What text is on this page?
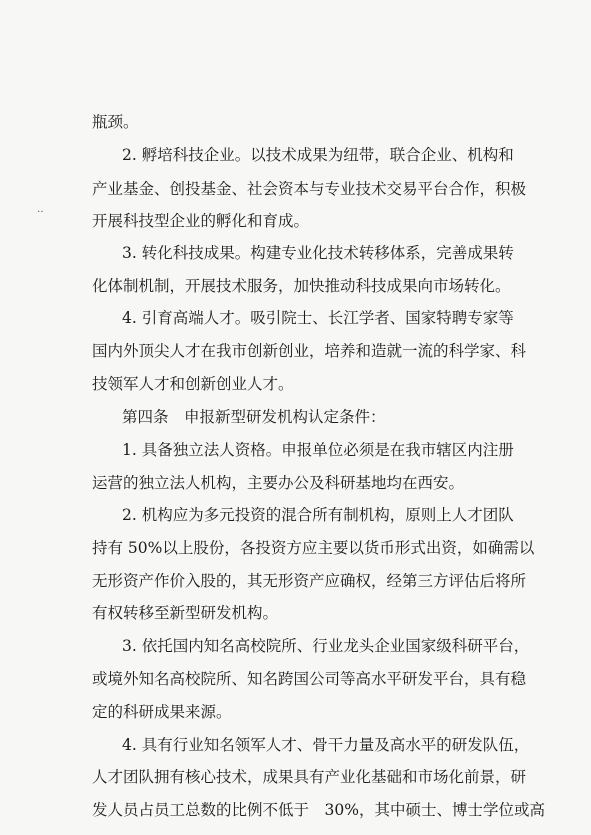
‥
瓶颈。
2. 孵培科技企业。以技术成果为纽带，联合企业、机构和
产业基金、创投基金、社会资本与专业技术交易平台合作，积极
开展科技型企业的孵化和育成。
3. 转化科技成果。构建专业化技术转移体系，完善成果转
化体制机制，开展技术服务，加快推动科技成果向市场转化。
4. 引育高端人才。吸引院士、长江学者、国家特聘专家等
国内外顶尖人才在我市创新创业，培养和造就一流的科学家、科
技领军人才和创新创业人才。
第四条　申报新型研发机构认定条件：
1. 具备独立法人资格。申报单位必须是在我市辖区内注册
运营的独立法人机构，主要办公及科研基地均在西安。
2. 机构应为多元投资的混合所有制机构，原则上人才团队
持有 50%以上股份，各投资方应主要以货币形式出资，如确需以
无形资产作价入股的，其无形资产应确权，经第三方评估后将所
有权转移至新型研发机构。
3. 依托国内知名高校院所、行业龙头企业国家级科研平台，
或境外知名高校院所、知名跨国公司等高水平研发平台，具有稳
定的科研成果来源。
4. 具有行业知名领军人才、骨干力量及高水平的研发队伍，
人才团队拥有核心技术，成果具有产业化基础和市场化前景，研
发人员占员工总数的比例不低于　30%，其中硕士、博士学位或高
